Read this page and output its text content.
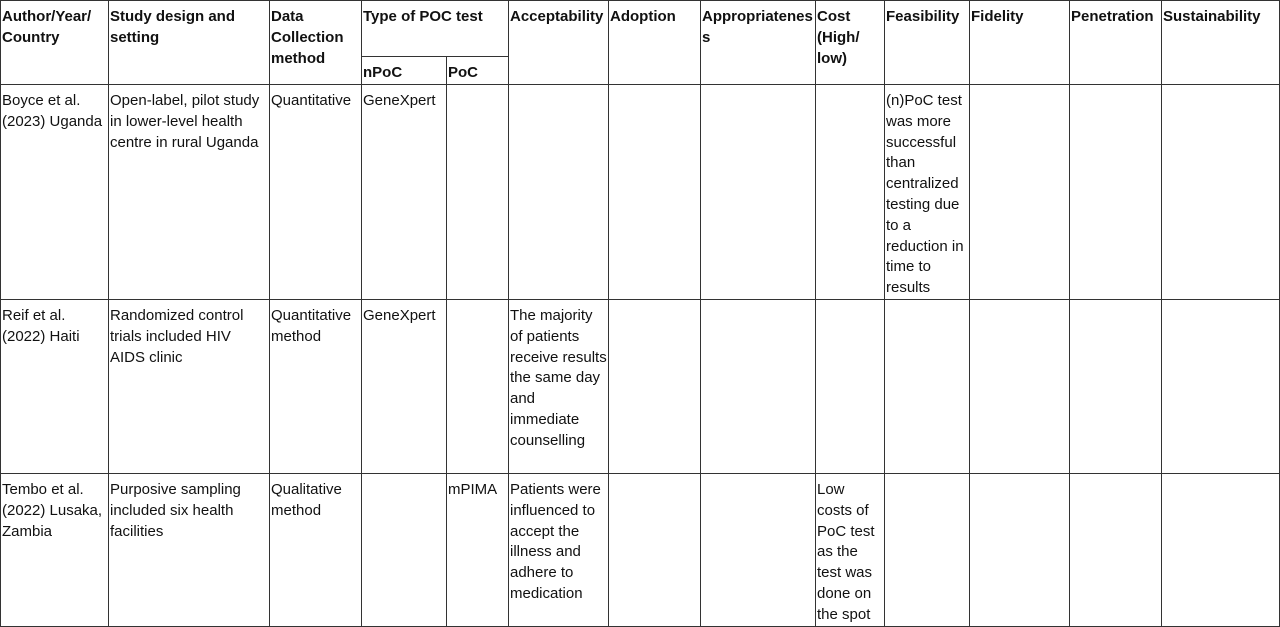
Author/Year/ Country	Study design and setting	Data Collection method	Type of POC test		Acceptability	Adoption	Appropriateness	Cost (High/ low)	Feasibility	Fidelity	Penetration	Sustainability
			nPoC	PoC								
Boyce et al. (2023) Uganda	Open-label, pilot study in lower-level health centre in rural Uganda	Quantitative	GeneXpert						(n)PoC test was more successful than centralized testing due to a reduction in time to results			
Reif et al. (2022) Haiti	Randomized control trials included HIV AIDS clinic	Quantitative method	GeneXpert		The majority of patients receive results the same day and immediate counselling							
Tembo et al. (2022) Lusaka, Zambia	Purposive sampling included six health facilities	Qualitative method		mPIMA	Patients were influenced to accept the illness and adhere to medication			Low costs of PoC test as the test was done on the spot				
